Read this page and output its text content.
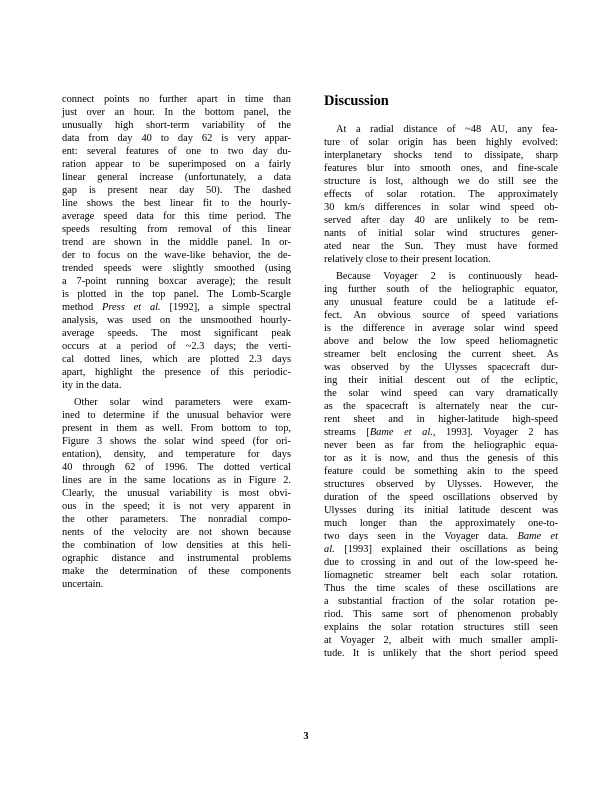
connect points no further apart in time than
just over an hour. In the bottom panel, the
unusually high short-term variability of the
data from day 40 to day 62 is very appar-
ent: several features of one to two day du-
ration appear to be superimposed on a fairly
linear general increase (unfortunately, a data
gap is present near day 50). The dashed
line shows the best linear fit to the hourly-
average speed data for this time period. The
speeds resulting from removal of this linear
trend are shown in the middle panel. In or-
der to focus on the wave-like behavior, the de-
trended speeds were slightly smoothed (using
a 7-point running boxcar average); the result
is plotted in the top panel. The Lomb-Scargle
method Press et al. [1992], a simple spectral
analysis, was used on the unsmoothed hourly-
average speeds. The most significant peak
occurs at a period of ~2.3 days; the verti-
cal dotted lines, which are plotted 2.3 days
apart, highlight the presence of this periodic-
ity in the data.
Other solar wind parameters were exam-
ined to determine if the unusual behavior were
present in them as well. From bottom to top,
Figure 3 shows the solar wind speed (for ori-
entation), density, and temperature for days
40 through 62 of 1996. The dotted vertical
lines are in the same locations as in Figure 2.
Clearly, the unusual variability is most obvi-
ous in the speed; it is not very apparent in
the other parameters. The nonradial compo-
nents of the velocity are not shown because
the combination of low densities at this heli-
ographic distance and instrumental problems
make the determination of these components
uncertain.
Discussion
At a radial distance of ~48 AU, any fea-
ture of solar origin has been highly evolved:
interplanetary shocks tend to dissipate, sharp
features blur into smooth ones, and fine-scale
structure is lost, although we do still see the
effects of solar rotation. The approximately
30 km/s differences in solar wind speed ob-
served after day 40 are unlikely to be rem-
nants of initial solar wind structures gener-
ated near the Sun. They must have formed
relatively close to their present location.
Because Voyager 2 is continuously head-
ing further south of the heliographic equator,
any unusual feature could be a latitude ef-
fect. An obvious source of speed variations
is the difference in average solar wind speed
above and below the low speed heliomagnetic
streamer belt enclosing the current sheet. As
was observed by the Ulysses spacecraft dur-
ing their initial descent out of the ecliptic,
the solar wind speed can vary dramatically
as the spacecraft is alternately near the cur-
rent sheet and in higher-latitude high-speed
streams [Bame et al., 1993]. Voyager 2 has
never been as far from the heliographic equa-
tor as it is now, and thus the genesis of this
feature could be something akin to the speed
structures observed by Ulysses. However, the
duration of the speed oscillations observed by
Ulysses during its initial latitude descent was
much longer than the approximately one-to-
two days seen in the Voyager data. Bame et
al. [1993] explained their oscillations as being
due to crossing in and out of the low-speed he-
liomagnetic streamer belt each solar rotation.
Thus the time scales of these oscillations are
a substantial fraction of the solar rotation pe-
riod. This same sort of phenomenon probably
explains the solar rotation structures still seen
at Voyager 2, albeit with much smaller ampli-
tude. It is unlikely that the short period speed
3
